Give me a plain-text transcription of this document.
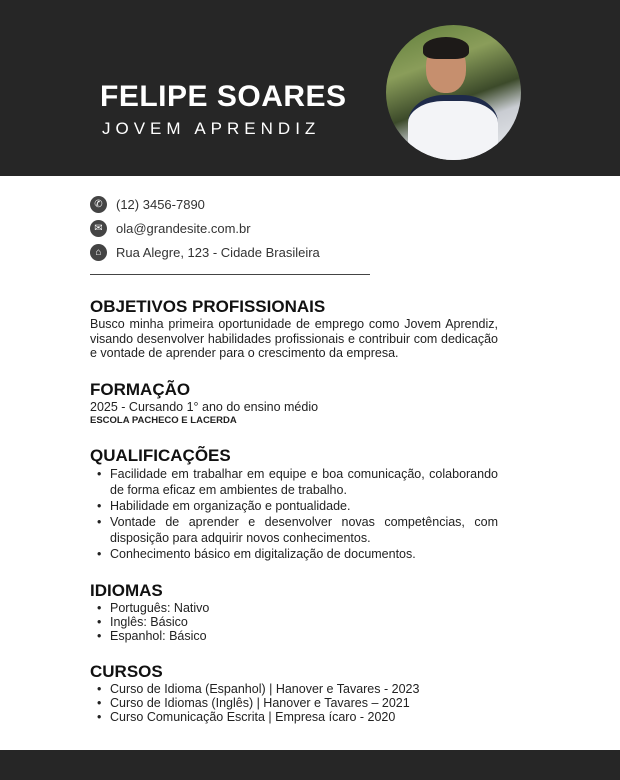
FELIPE SOARES
JOVEM APRENDIZ
✆	(12) 3456-7890
✉	ola@grandesite.com.br
⌂	Rua Alegre, 123 - Cidade Brasileira
OBJETIVOS PROFISSIONAIS

Busco minha primeira oportunidade de emprego como Jovem Aprendiz, visando desenvolver habilidades profissionais e contribuir com dedicação e vontade de aprender para o crescimento da empresa.

FORMAÇÃO
2025 - Cursando 1° ano do ensino médio
ESCOLA PACHECO E LACERDA
QUALIFICAÇÕES
• Facilidade em trabalhar em equipe e boa comunicação, colaborando de forma eficaz em ambientes de trabalho.
• Habilidade em organização e pontualidade.
• Vontade de aprender e desenvolver novas competências, com disposição para adquirir novos conhecimentos.
• Conhecimento básico em digitalização de documentos.
IDIOMAS
• Português: Nativo
• Inglês: Básico
• Espanhol: Básico
CURSOS
• Curso de Idioma (Espanhol) | Hanover e Tavares - 2023
• Curso de Idiomas (Inglês) | Hanover e Tavares – 2021
• Curso Comunicação Escrita | Empresa ícaro - 2020
